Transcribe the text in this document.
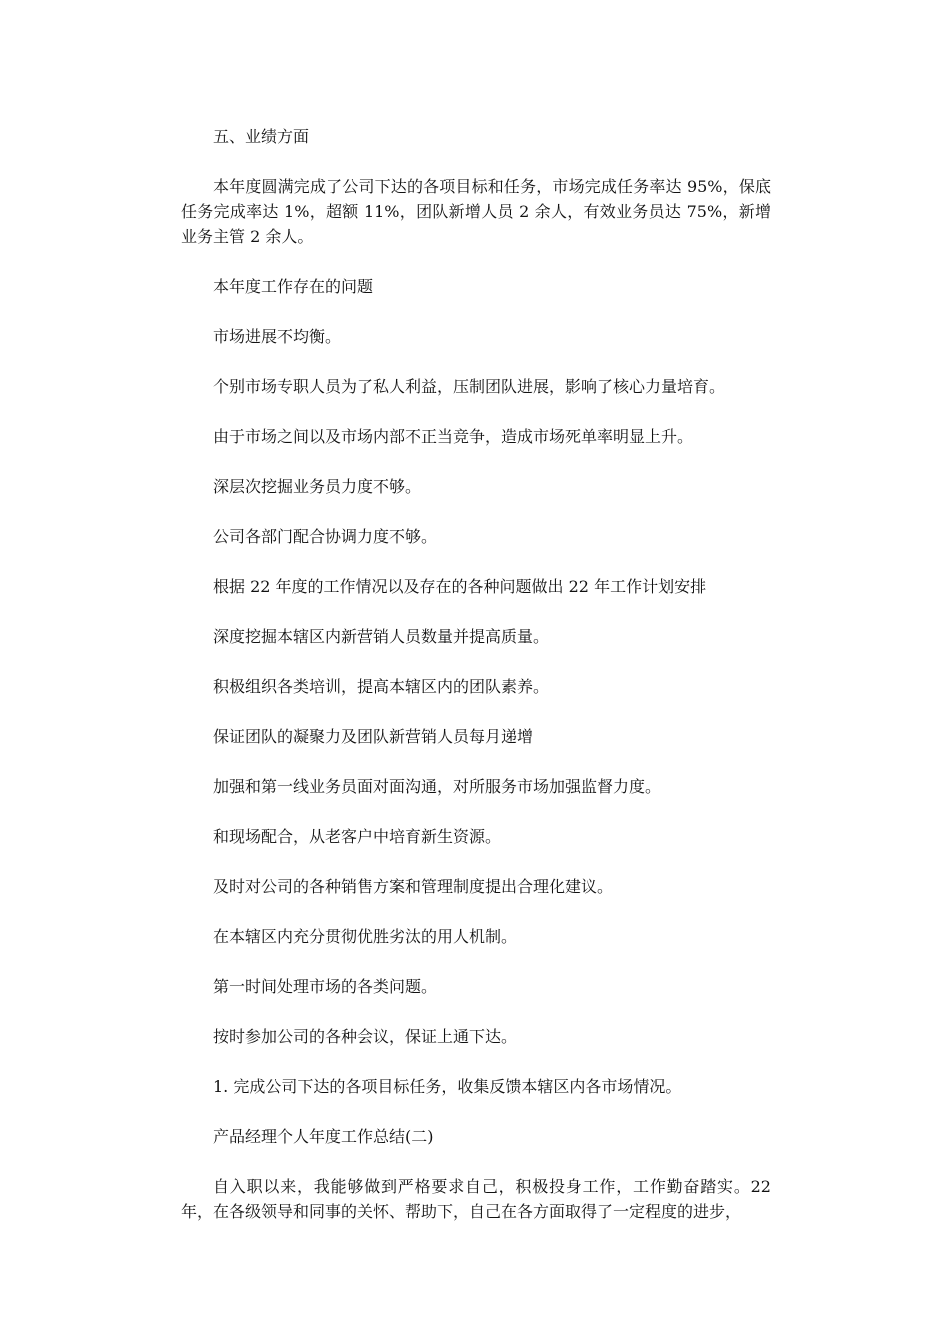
五、业绩方面

本年度圆满完成了公司下达的各项目标和任务，市场完成任务率达 95%，保底任务完成率达 1%，超额 11%，团队新增人员 2 余人，有效业务员达 75%，新增业务主管 2 余人。

本年度工作存在的问题

市场进展不均衡。

个别市场专职人员为了私人利益，压制团队进展，影响了核心力量培育。

由于市场之间以及市场内部不正当竞争，造成市场死单率明显上升。

深层次挖掘业务员力度不够。

公司各部门配合协调力度不够。

根据 22 年度的工作情况以及存在的各种问题做出 22 年工作计划安排

深度挖掘本辖区内新营销人员数量并提高质量。

积极组织各类培训，提高本辖区内的团队素养。

保证团队的凝聚力及团队新营销人员每月递增

加强和第一线业务员面对面沟通，对所服务市场加强监督力度。

和现场配合，从老客户中培育新生资源。

及时对公司的各种销售方案和管理制度提出合理化建议。

在本辖区内充分贯彻优胜劣汰的用人机制。

第一时间处理市场的各类问题。

按时参加公司的各种会议，保证上通下达。

1. 完成公司下达的各项目标任务，收集反馈本辖区内各市场情况。

产品经理个人年度工作总结(二)

自入职以来，我能够做到严格要求自己，积极投身工作，工作勤奋踏实。22 年，在各级领导和同事的关怀、帮助下，自己在各方面取得了一定程度的进步，
